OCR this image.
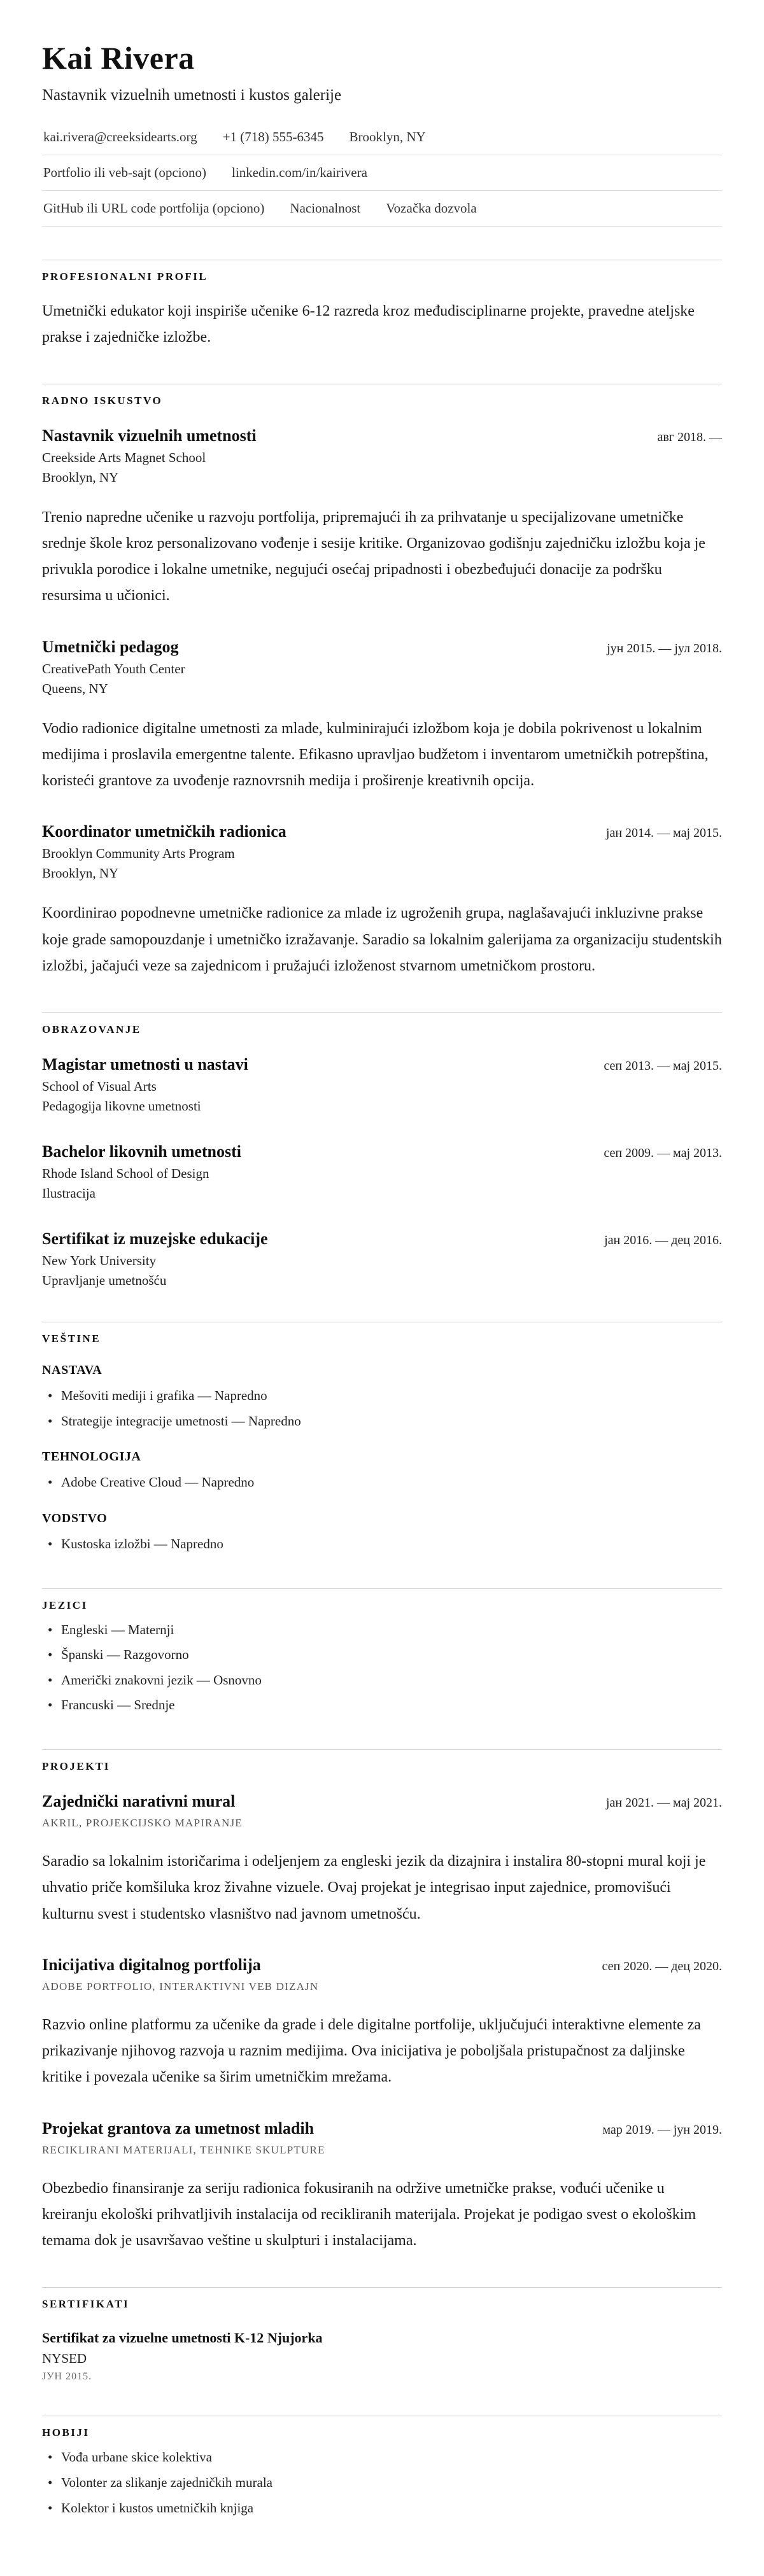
Kai Rivera
Nastavnik vizuelnih umetnosti i kustos galerije
kai.rivera@creeksidearts.org +1 (718) 555-6345 Brooklyn, NY
Portfolio ili veb-sajt (opciono) linkedin.com/in/kairivera
GitHub ili URL code portfolija (opciono) Nacionalnost Vozačka dozvola
PROFESIONALNI PROFIL

Umetnički edukator koji inspiriše učenike 6-12 razreda kroz međudisciplinarne projekte, pravedne ateljske prakse i zajedničke izložbe.

RADNO ISKUSTVO
Nastavnik vizuelnih umetnosti	авг 2018. —
Creekside Arts Magnet School
Brooklyn, NY

Trenio napredne učenike u razvoju portfolija, pripremajući ih za prihvatanje u specijalizovane umetničke srednje škole kroz personalizovano vođenje i sesije kritike. Organizovao godišnju zajedničku izložbu koja je privukla porodice i lokalne umetnike, negujući osećaj pripadnosti i obezbeđujući donacije za podršku resursima u učionici.

Umetnički pedagog	јун 2015. — јул 2018.
CreativePath Youth Center
Queens, NY

Vodio radionice digitalne umetnosti za mlade, kulminirajući izložbom koja je dobila pokrivenost u lokalnim medijima i proslavila emergentne talente. Efikasno upravljao budžetom i inventarom umetničkih potrepština, koristeći grantove za uvođenje raznovrsnih medija i proširenje kreativnih opcija.

Koordinator umetničkih radionica	јан 2014. — мај 2015.
Brooklyn Community Arts Program
Brooklyn, NY

Koordinirao popodnevne umetničke radionice za mlade iz ugroženih grupa, naglašavajući inkluzivne prakse koje grade samopouzdanje i umetničko izražavanje. Saradio sa lokalnim galerijama za organizaciju studentskih izložbi, jačajući veze sa zajednicom i pružajući izloženost stvarnom umetničkom prostoru.

OBRAZOVANJE
Magistar umetnosti u nastavi	сеп 2013. — мај 2015.
School of Visual Arts
Pedagogija likovne umetnosti
Bachelor likovnih umetnosti	сеп 2009. — мај 2013.
Rhode Island School of Design
Ilustracija
Sertifikat iz muzejske edukacije	јан 2016. — дец 2016.
New York University
Upravljanje umetnošću
VEŠTINE
NASTAVA
• Mešoviti mediji i grafika — Napredno
• Strategije integracije umetnosti — Napredno
TEHNOLOGIJA
• Adobe Creative Cloud — Napredno
VODSTVO
• Kustoska izložbi — Napredno
JEZICI
• Engleski — Maternji
• Španski — Razgovorno
• Američki znakovni jezik — Osnovno
• Francuski — Srednje
PROJEKTI
Zajednički narativni mural	јан 2021. — мај 2021.
AKRIL, PROJEKCIJSKO MAPIRANJE

Saradio sa lokalnim istoričarima i odeljenjem za engleski jezik da dizajnira i instalira 80-stopni mural koji je uhvatio priče komšiluka kroz živahne vizuele. Ovaj projekat je integrisao input zajednice, promovišući kulturnu svest i studentsko vlasništvo nad javnom umetnošću.

Inicijativa digitalnog portfolija	сеп 2020. — дец 2020.
ADOBE PORTFOLIO, INTERAKTIVNI VEB DIZAJN

Razvio online platformu za učenike da grade i dele digitalne portfolije, uključujući interaktivne elemente za prikazivanje njihovog razvoja u raznim medijima. Ova inicijativa je poboljšala pristupačnost za daljinske kritike i povezala učenike sa širim umetničkim mrežama.

Projekat grantova za umetnost mladih	мар 2019. — јун 2019.
RECIKLIRANI MATERIJALI, TEHNIKE SKULPTURE

Obezbedio finansiranje za seriju radionica fokusiranih na održive umetničke prakse, vođući učenike u kreiranju ekološki prihvatljivih instalacija od recikliranih materijala. Projekat je podigao svest o ekološkim temama dok je usavršavao veštine u skulpturi i instalacijama.

SERTIFIKATI
Sertifikat za vizuelne umetnosti K-12 Njujorka
NYSED
ЈУН 2015.
HOBIJI
• Vođa urbane skice kolektiva
• Volonter za slikanje zajedničkih murala
• Kolektor i kustos umetničkih knjiga
